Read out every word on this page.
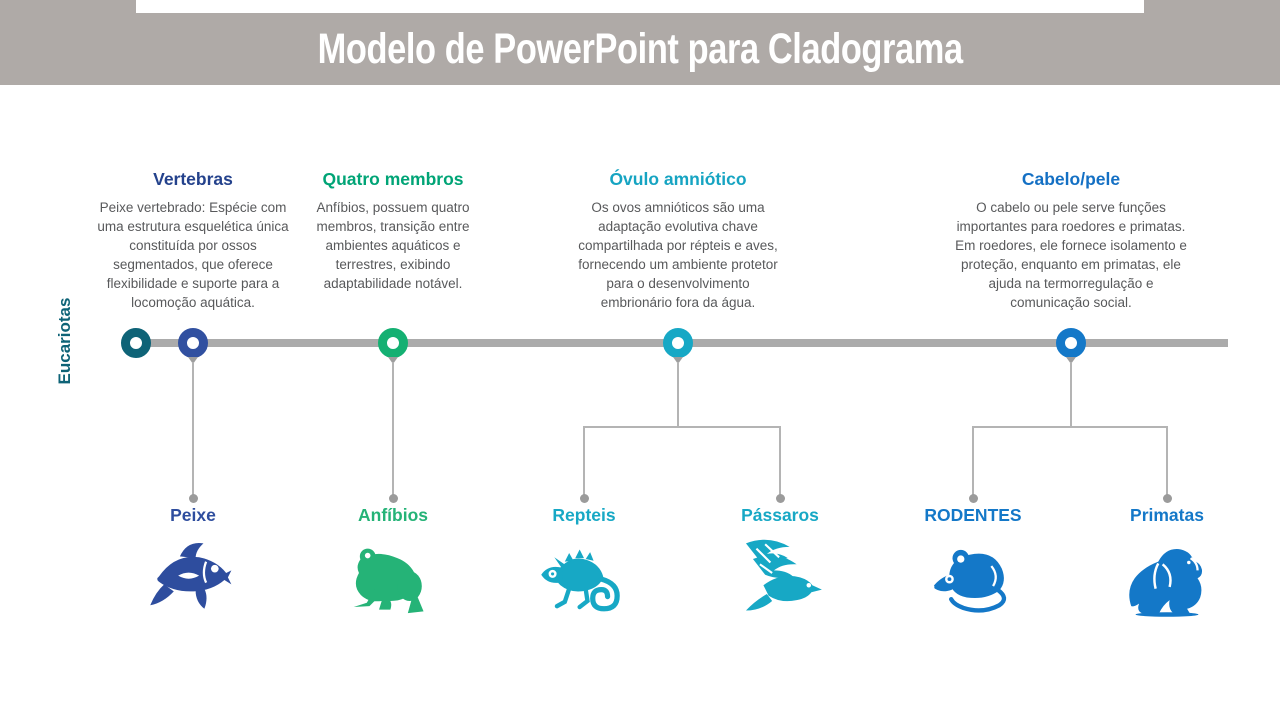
Modelo de PowerPoint para Cladograma
Eucariotas
Vertebras

Peixe vertebrado: Espécie com uma estrutura esquelética única constituída por ossos segmentados, que oferece flexibilidade e suporte para a locomoção aquática.

Quatro membros

Anfíbios, possuem quatro membros, transição entre ambientes aquáticos e terrestres, exibindo adaptabilidade notável.

Óvulo amniótico

Os ovos amnióticos são uma adaptação evolutiva chave compartilhada por répteis e aves, fornecendo um ambiente protetor para o desenvolvimento embrionário fora da água.

Cabelo/pele

O cabelo ou pele serve funções importantes para roedores e primatas. Em roedores, ele fornece isolamento e proteção, enquanto em primatas, ele ajuda na termorregulação e comunicação social.

Peixe	Anfíbios	Repteis	Pássaros	RODENTES	Primatas
